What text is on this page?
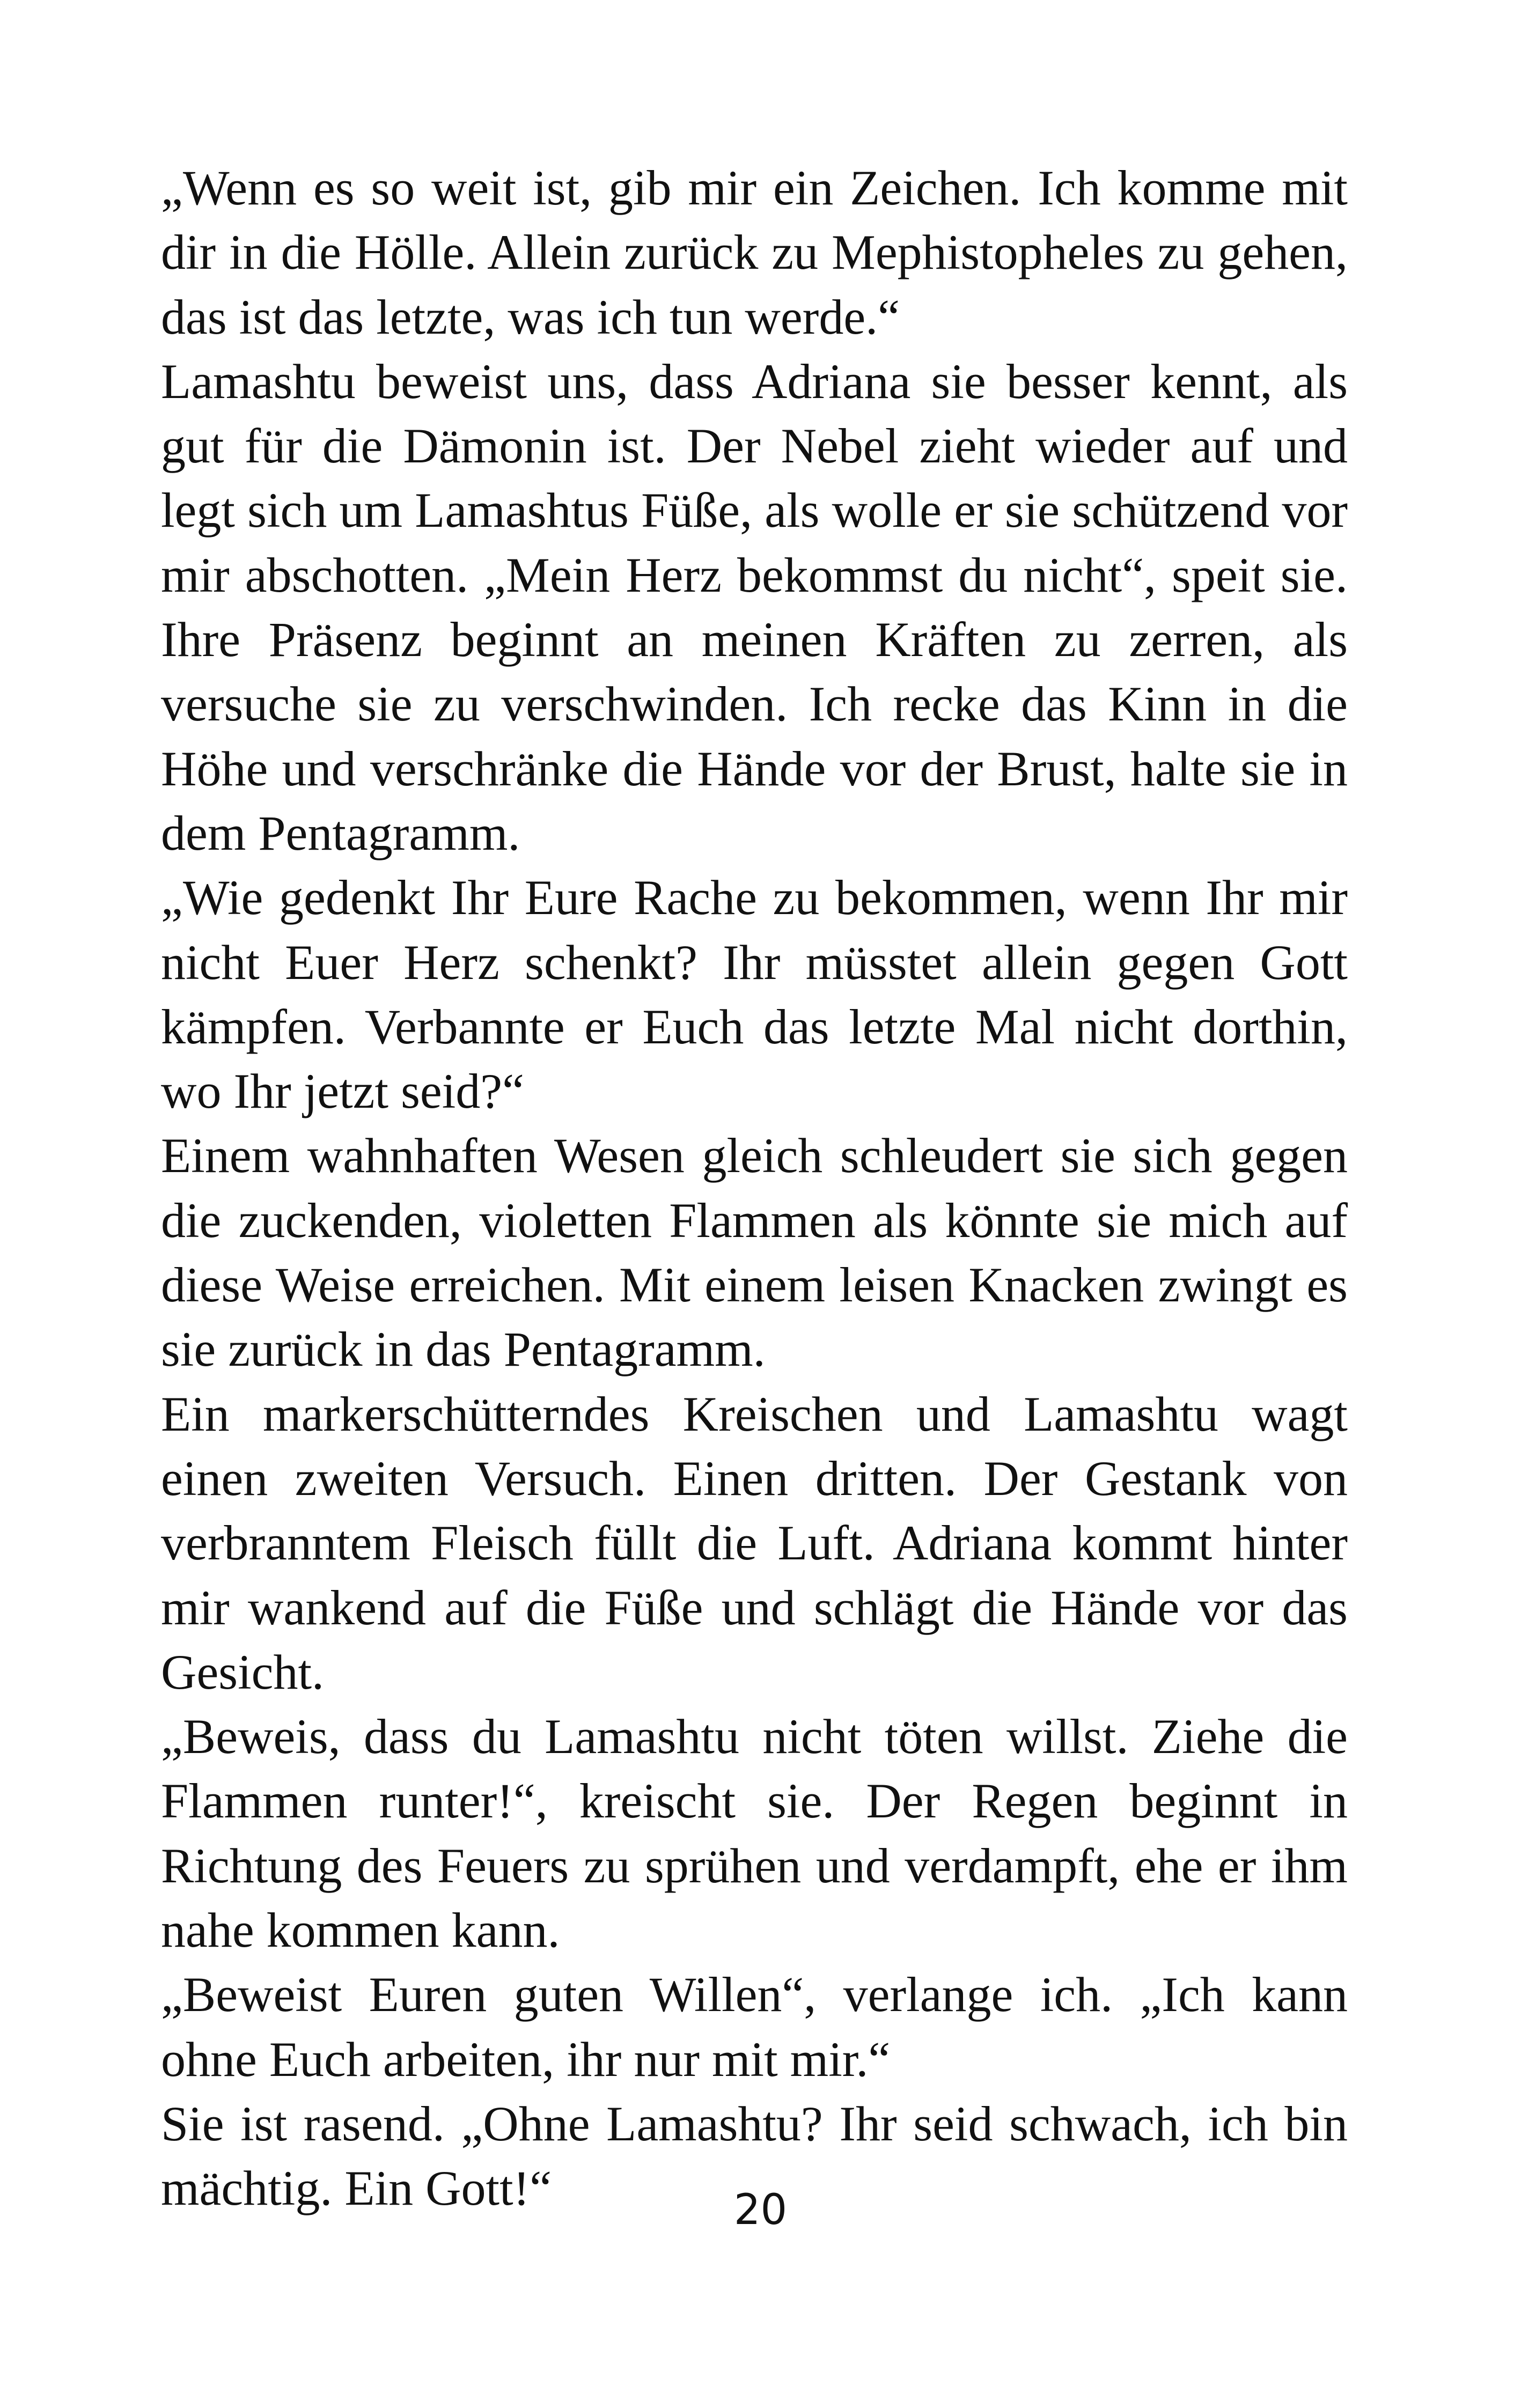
„Wenn es so weit ist, gib mir ein Zeichen. Ich komme mit dir in die Hölle. Allein zurück zu Mephistopheles zu gehen, das ist das letzte, was ich tun werde.“

Lamashtu beweist uns, dass Adriana sie besser kennt, als gut für die Dämonin ist. Der Nebel zieht wieder auf und legt sich um Lamashtus Füße, als wolle er sie schützend vor mir abschotten. „Mein Herz bekommst du nicht“, speit sie. Ihre Präsenz beginnt an meinen Kräften zu zerren, als versuche sie zu verschwinden. Ich recke das Kinn in die Höhe und verschränke die Hände vor der Brust, halte sie in dem Pentagramm.

„Wie gedenkt Ihr Eure Rache zu bekommen, wenn Ihr mir nicht Euer Herz schenkt? Ihr müsstet allein gegen Gott kämpfen. Verbannte er Euch das letzte Mal nicht dorthin, wo Ihr jetzt seid?“

Einem wahnhaften Wesen gleich schleudert sie sich gegen die zuckenden, violetten Flammen als könnte sie mich auf diese Weise erreichen. Mit einem leisen Knacken zwingt es sie zurück in das Pentagramm.

Ein markerschütterndes Kreischen und Lamashtu wagt einen zweiten Versuch. Einen dritten. Der Gestank von verbranntem Fleisch füllt die Luft. Adriana kommt hinter mir wankend auf die Füße und schlägt die Hände vor das Gesicht.

„Beweis, dass du Lamashtu nicht töten willst. Ziehe die Flammen runter!“, kreischt sie. Der Regen beginnt in Richtung des Feuers zu sprühen und verdampft, ehe er ihm nahe kommen kann.

„Beweist Euren guten Willen“, verlange ich. „Ich kann ohne Euch arbeiten, ihr nur mit mir.“

Sie ist rasend. „Ohne Lamashtu? Ihr seid schwach, ich bin mächtig. Ein Gott!“	20
